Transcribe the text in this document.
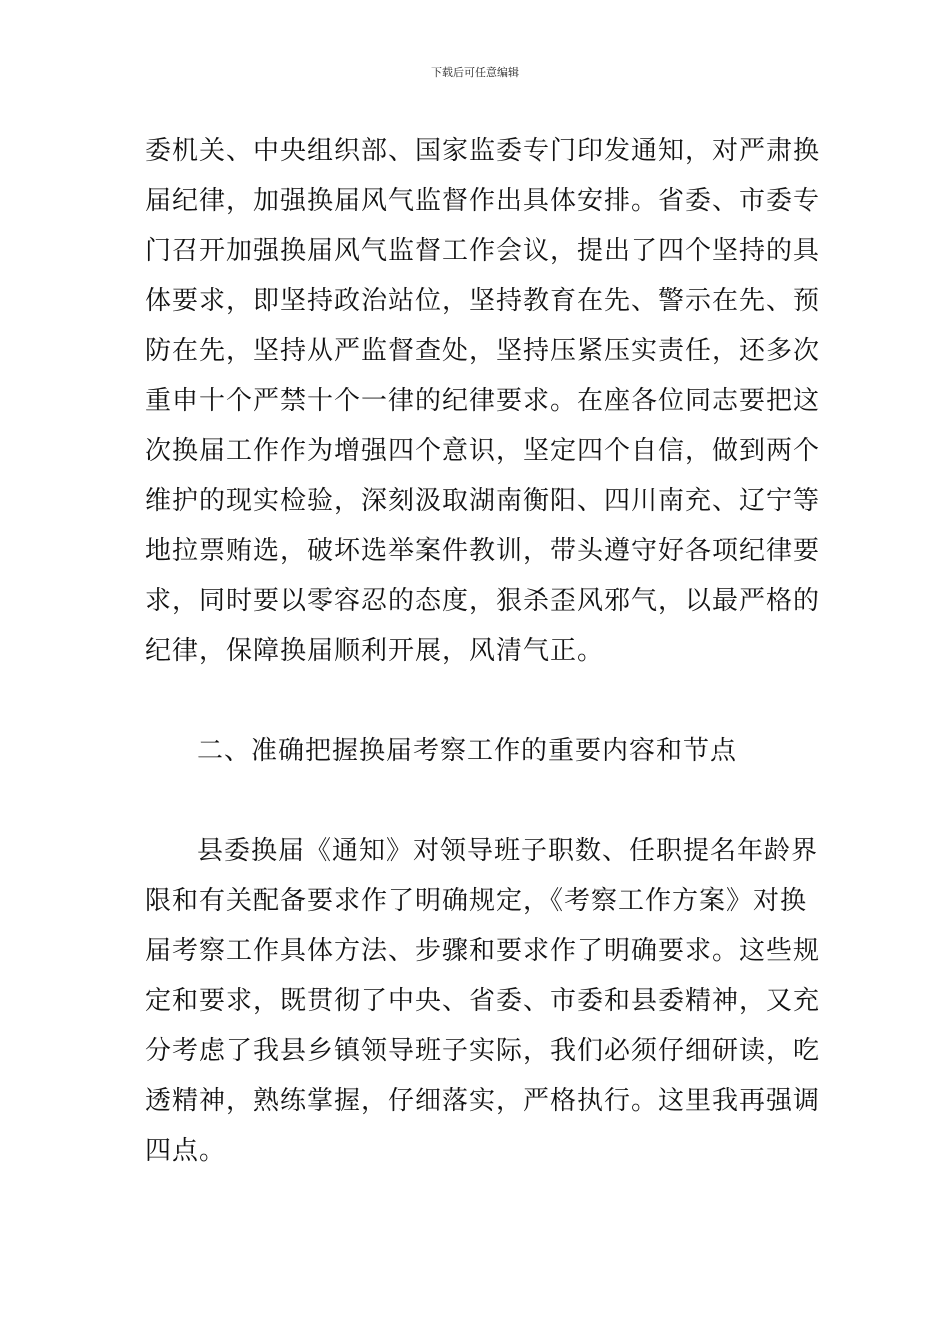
下载后可任意编辑

委机关、中央组织部、国家监委专门印发通知，对严肃换
届纪律，加强换届风气监督作出具体安排。省委、市委专
门召开加强换届风气监督工作会议，提出了四个坚持的具
体要求，即坚持政治站位，坚持教育在先、警示在先、预
防在先，坚持从严监督查处，坚持压紧压实责任，还多次
重申十个严禁十个一律的纪律要求。在座各位同志要把这
次换届工作作为增强四个意识，坚定四个自信，做到两个
维护的现实检验，深刻汲取湖南衡阳、四川南充、辽宁等
地拉票贿选，破坏选举案件教训，带头遵守好各项纪律要
求，同时要以零容忍的态度，狠杀歪风邪气，以最严格的
纪律，保障换届顺利开展，风清气正。

二、准确把握换届考察工作的重要内容和节点

县委换届《通知》对领导班子职数、任职提名年龄界
限和有关配备要求作了明确规定，《考察工作方案》对换
届考察工作具体方法、步骤和要求作了明确要求。这些规
定和要求，既贯彻了中央、省委、市委和县委精神，又充
分考虑了我县乡镇领导班子实际，我们必须仔细研读，吃
透精神，熟练掌握，仔细落实，严格执行。这里我再强调
四点。
